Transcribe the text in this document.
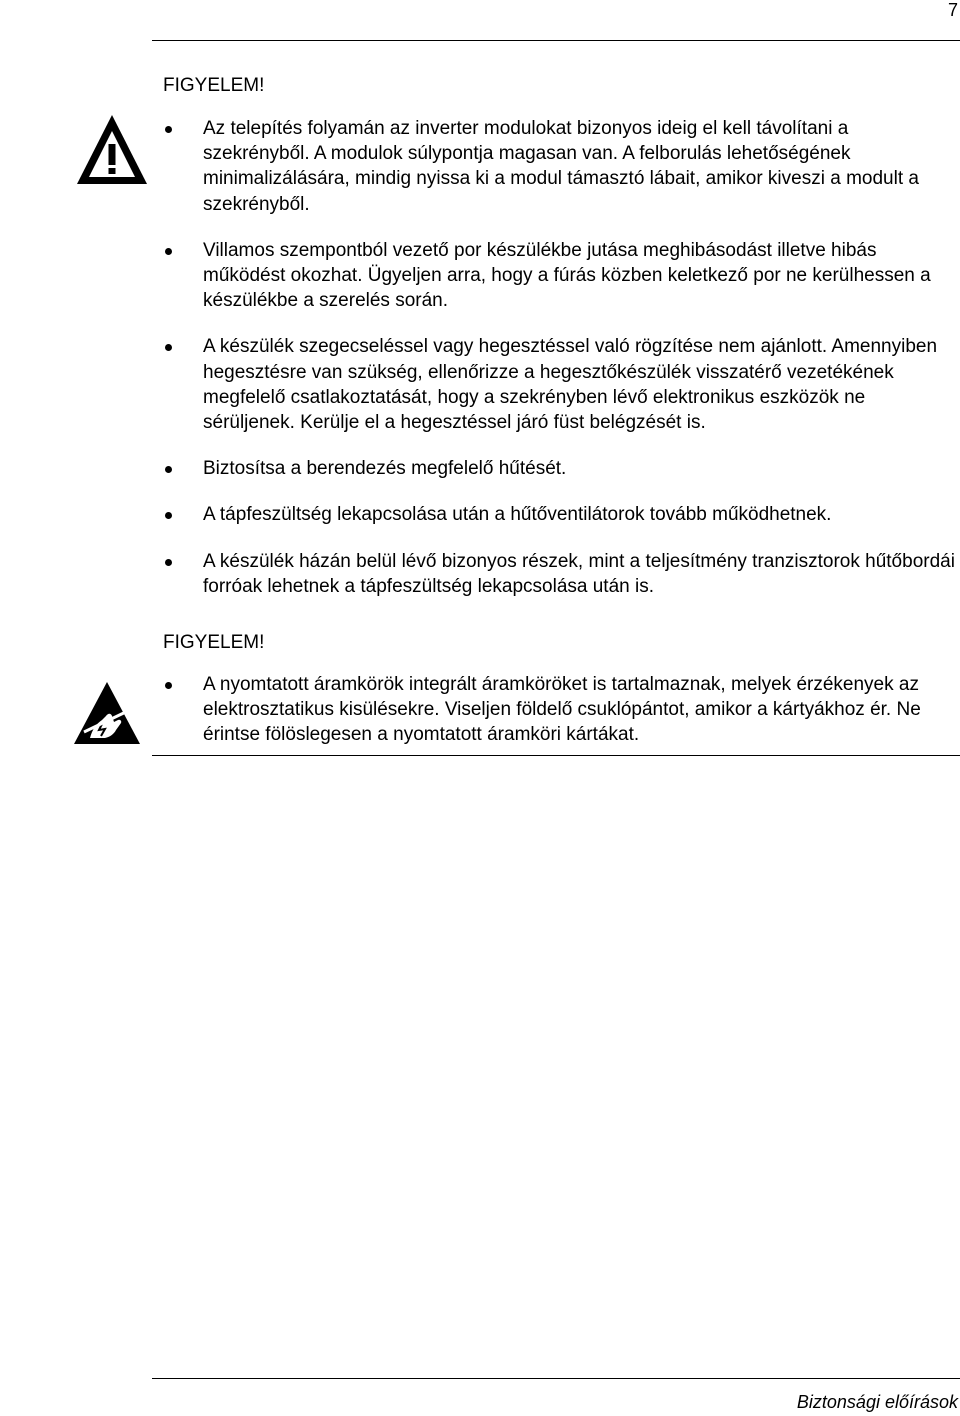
7
FIGYELEM!
Az telepítés folyamán az inverter modulokat bizonyos ideig el kell távolítani a szekrényből. A modulok súlypontja magasan van. A felborulás lehetőségének minimalizálására, mindig nyissa ki a modul támasztó lábait, amikor kiveszi a modult a szekrényből.
Villamos szempontból vezető por készülékbe jutása meghibásodást illetve hibás működést okozhat. Ügyeljen arra, hogy a fúrás közben keletkező por ne kerülhessen a készülékbe a szerelés során.
A készülék szegecseléssel vagy hegesztéssel való rögzítése nem ajánlott. Amennyiben hegesztésre van szükség, ellenőrizze a hegesztőkészülék visszatérő vezetékének megfelelő csatlakoztatását, hogy a szekrényben lévő elektronikus eszközök ne sérüljenek. Kerülje el a hegesztéssel járó füst belégzését is.
Biztosítsa a berendezés megfelelő hűtését.
A tápfeszültség lekapcsolása után a hűtőventilátorok tovább működhetnek.
A készülék házán belül lévő bizonyos részek, mint a teljesítmény tranzisztorok hűtőbordái forróak lehetnek a tápfeszültség lekapcsolása után is.
FIGYELEM!
A nyomtatott áramkörök integrált áramköröket is tartalmaznak, melyek érzékenyek az elektrosztatikus kisülésekre. Viseljen földelő csuklópántot, amikor a kártyákhoz ér. Ne érintse fölöslegesen a nyomtatott áramköri kártákat.
Biztonsági előírások
